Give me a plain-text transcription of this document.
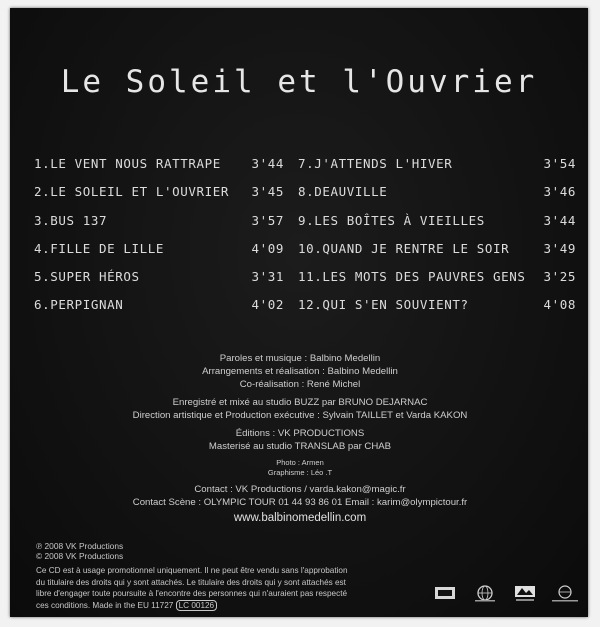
Le Soleil et l'Ouvrier
1.LE VENT NOUS RATTRAPE 3'44
2.LE SOLEIL ET L'OUVRIER 3'45
3.BUS 137	3'57
4.FILLE DE LILLE	4'09
5.SUPER HÉROS	3'31
6.PERPIGNAN	4'02
7.J'ATTENDS L'HIVER	3'54
8.DEAUVILLE	3'46
9.LES BOÎTES À VIEILLES	3'44
10.QUAND JE RENTRE LE SOIR	3'49
11.LES MOTS DES PAUVRES GENS 3'25
12.QUI S'EN SOUVIENT?	4'08
Paroles et musique : Balbino Medellin
Arrangements et réalisation : Balbino Medellin
Co-réalisation : René Michel
Enregistré et mixé au studio BUZZ par BRUNO DEJARNAC
Direction artistique et Production exécutive : Sylvain TAILLET et Varda KAKON
Éditions : VK PRODUCTIONS
Masterisé au studio TRANSLAB par CHAB
Photo : Armen
Graphisme : Léo .T
Contact : VK Productions / varda.kakon@magic.fr
Contact Scène : OLYMPIC TOUR 01 44 93 86 01 Email : karim@olympictour.fr
www.balbinomedellin.com
℗ 2008 VK Productions
© 2008 VK Productions
Ce CD est à usage promotionnel uniquement. Il ne peut être vendu sans l'approbation
du titulaire des droits qui y sont attachés. Le titulaire des droits qui y sont attachés est
libre d'engager toute poursuite à l'encontre des personnes qui n'auraient pas respecté
ces conditions. Made in the EU 11727 LC 00126
